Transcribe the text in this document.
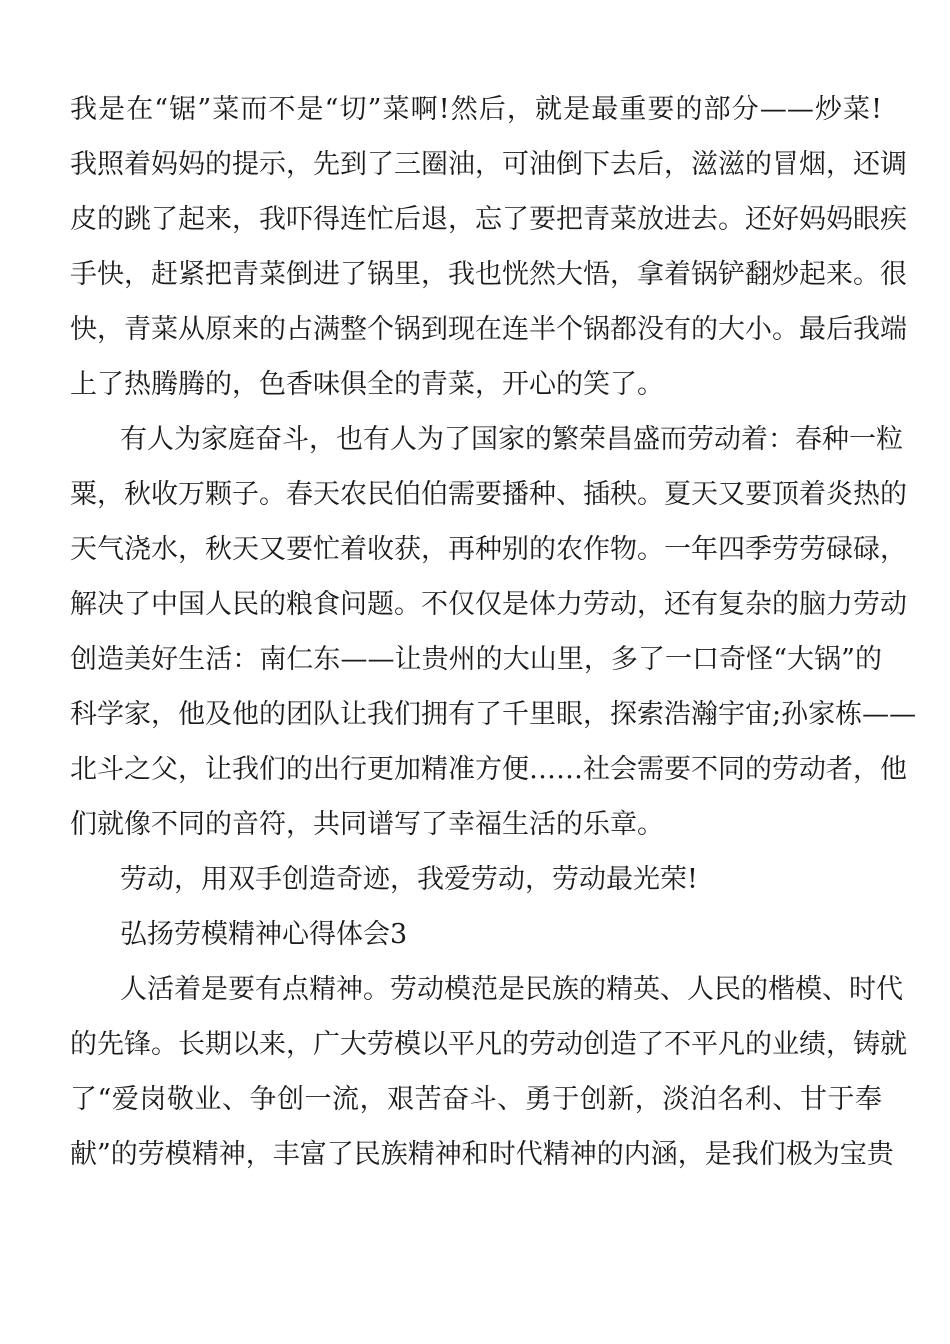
我是在“锯”菜而不是“切”菜啊!然后，就是最重要的部分——炒菜!
我照着妈妈的提示，先到了三圈油，可油倒下去后，滋滋的冒烟，还调
皮的跳了起来，我吓得连忙后退，忘了要把青菜放进去。还好妈妈眼疾
手快，赶紧把青菜倒进了锅里，我也恍然大悟，拿着锅铲翻炒起来。很
快，青菜从原来的占满整个锅到现在连半个锅都没有的大小。最后我端
上了热腾腾的，色香味俱全的青菜，开心的笑了。
有人为家庭奋斗，也有人为了国家的繁荣昌盛而劳动着：春种一粒
粟，秋收万颗子。春天农民伯伯需要播种、插秧。夏天又要顶着炎热的
天气浇水，秋天又要忙着收获，再种别的农作物。一年四季劳劳碌碌，
解决了中国人民的粮食问题。不仅仅是体力劳动，还有复杂的脑力劳动
创造美好生活：南仁东——让贵州的大山里，多了一口奇怪“大锅”的
科学家，他及他的团队让我们拥有了千里眼，探索浩瀚宇宙;孙家栋——
北斗之父，让我们的出行更加精准方便……社会需要不同的劳动者，他
们就像不同的音符，共同谱写了幸福生活的乐章。
劳动，用双手创造奇迹，我爱劳动，劳动最光荣!
弘扬劳模精神心得体会3
人活着是要有点精神。劳动模范是民族的精英、人民的楷模、时代
的先锋。长期以来，广大劳模以平凡的劳动创造了不平凡的业绩，铸就
了“爱岗敬业、争创一流，艰苦奋斗、勇于创新，淡泊名利、甘于奉
献”的劳模精神，丰富了民族精神和时代精神的内涵，是我们极为宝贵
